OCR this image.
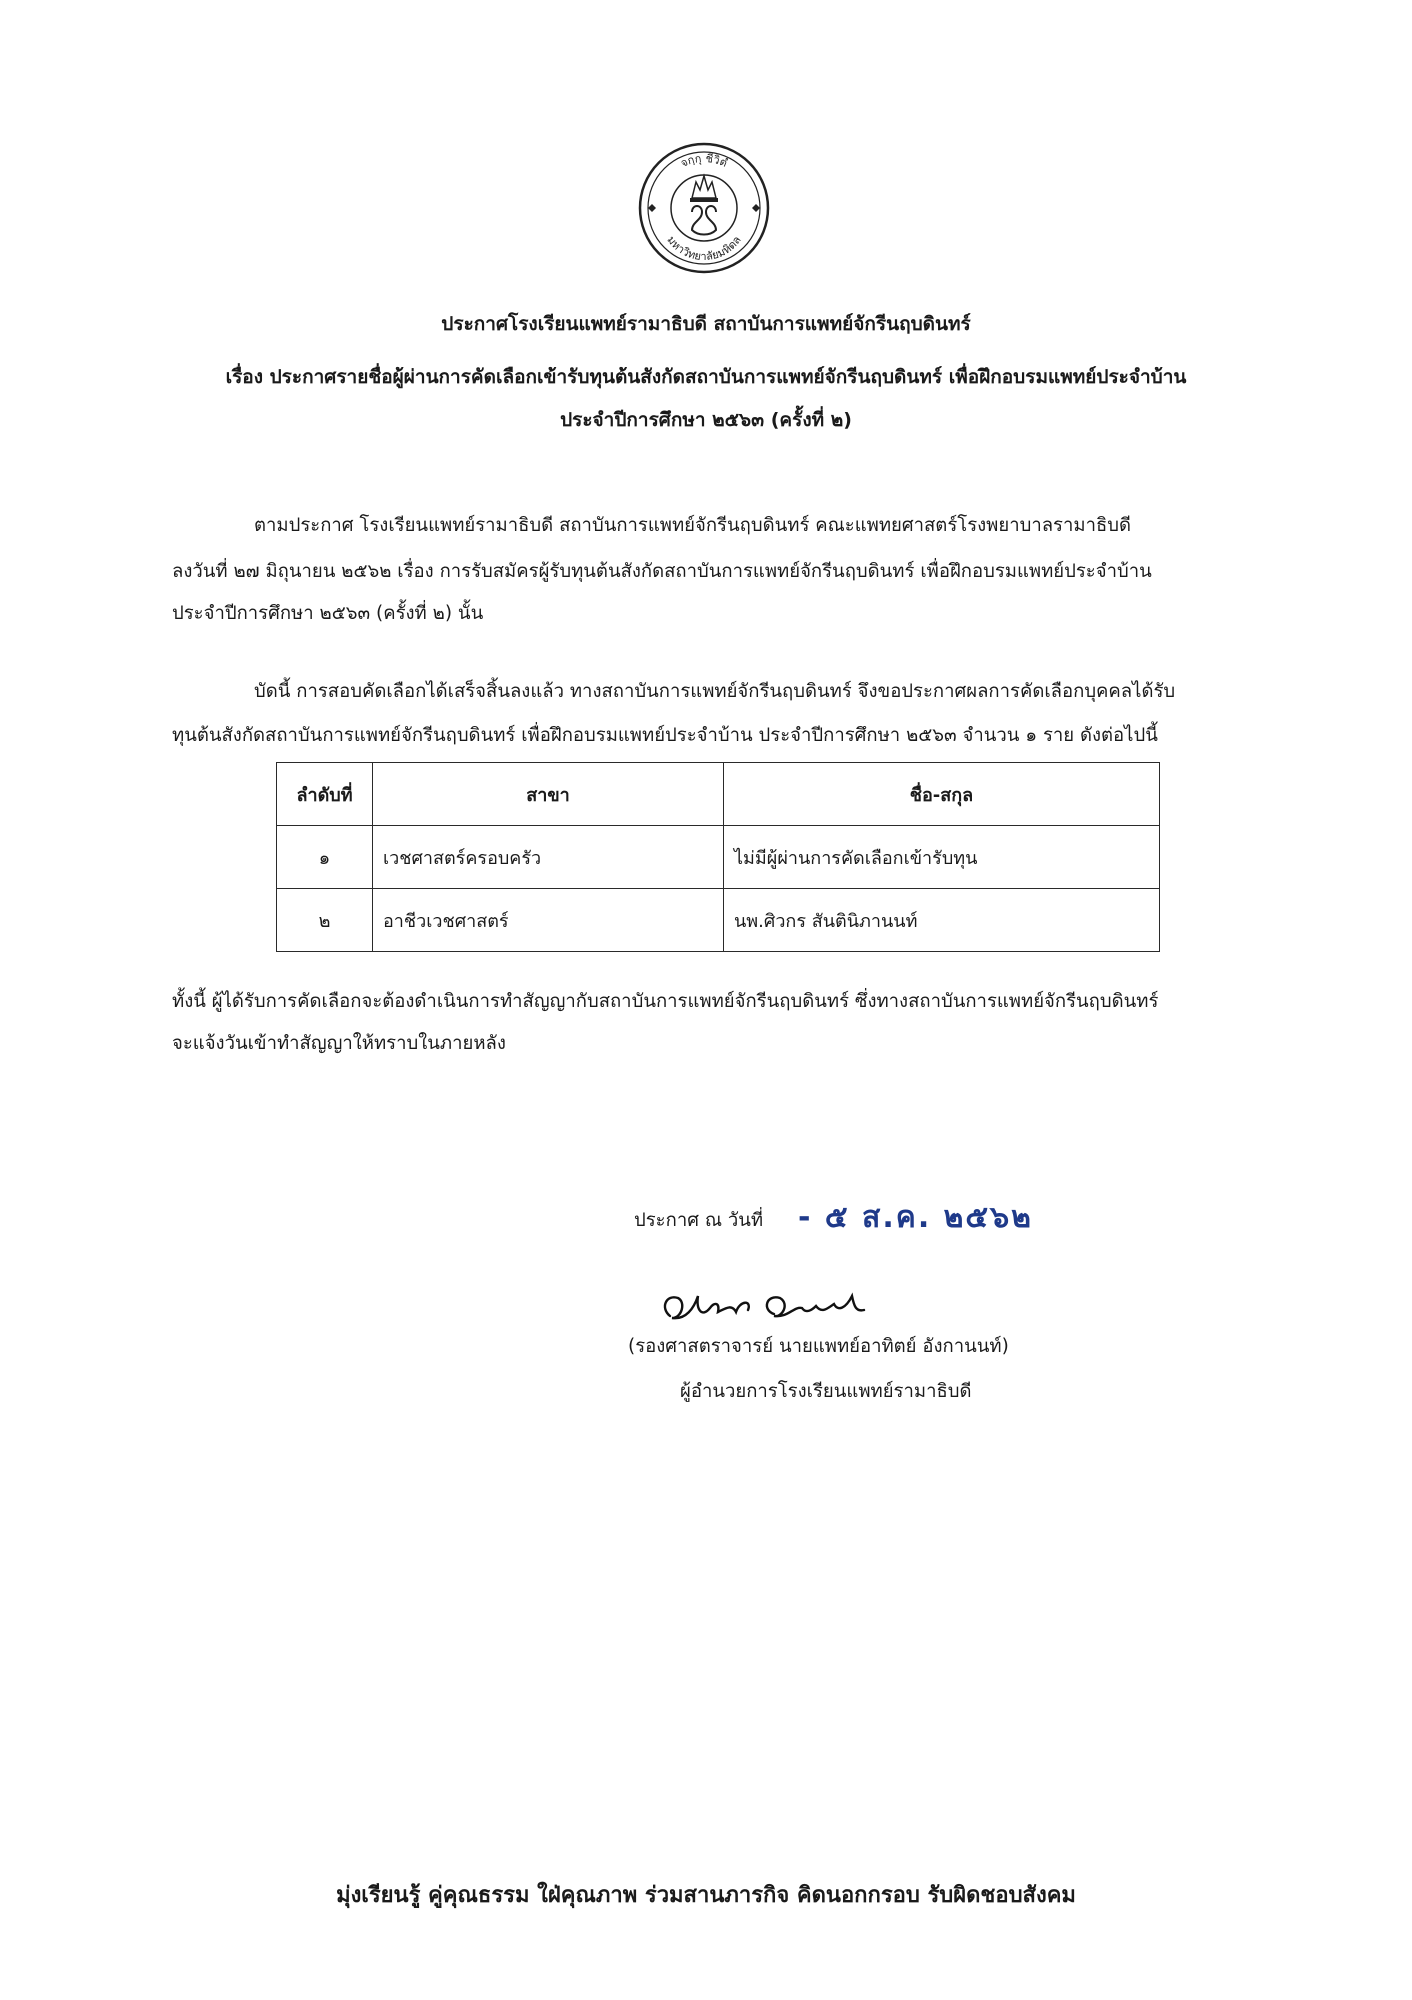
จกฺกุ ชีวิตํ
มหาวิทยาลัยมหิดล
ประกาศโรงเรียนแพทย์รามาธิบดี สถาบันการแพทย์จักรีนฤบดินทร์
เรื่อง ประกาศรายชื่อผู้ผ่านการคัดเลือกเข้ารับทุนต้นสังกัดสถาบันการแพทย์จักรีนฤบดินทร์ เพื่อฝึกอบรมแพทย์ประจำบ้าน
ประจำปีการศึกษา ๒๕๖๓ (ครั้งที่ ๒)
ตามประกาศ โรงเรียนแพทย์รามาธิบดี สถาบันการแพทย์จักรีนฤบดินทร์ คณะแพทยศาสตร์โรงพยาบาลรามาธิบดี
ลงวันที่ ๒๗ มิถุนายน ๒๕๖๒ เรื่อง การรับสมัครผู้รับทุนต้นสังกัดสถาบันการแพทย์จักรีนฤบดินทร์ เพื่อฝึกอบรมแพทย์ประจำบ้าน
ประจำปีการศึกษา ๒๕๖๓ (ครั้งที่ ๒) นั้น
บัดนี้ การสอบคัดเลือกได้เสร็จสิ้นลงแล้ว ทางสถาบันการแพทย์จักรีนฤบดินทร์ จึงขอประกาศผลการคัดเลือกบุคคลได้รับ
ทุนต้นสังกัดสถาบันการแพทย์จักรีนฤบดินทร์ เพื่อฝึกอบรมแพทย์ประจำบ้าน ประจำปีการศึกษา ๒๕๖๓ จำนวน ๑ ราย ดังต่อไปนี้
ลำดับที่	สาขา	ชื่อ-สกุล
๑	เวชศาสตร์ครอบครัว	ไม่มีผู้ผ่านการคัดเลือกเข้ารับทุน
๒	อาชีวเวชศาสตร์	นพ.ศิวกร สันตินิภานนท์
ทั้งนี้ ผู้ได้รับการคัดเลือกจะต้องดำเนินการทำสัญญากับสถาบันการแพทย์จักรีนฤบดินทร์ ซึ่งทางสถาบันการแพทย์จักรีนฤบดินทร์
จะแจ้งวันเข้าทำสัญญาให้ทราบในภายหลัง
ประกาศ ณ วันที่ - ๕ ส.ค. ๒๕๖๒
(รองศาสตราจารย์ นายแพทย์อาทิตย์ อังกานนท์)
ผู้อำนวยการโรงเรียนแพทย์รามาธิบดี
มุ่งเรียนรู้ คู่คุณธรรม ใฝ่คุณภาพ ร่วมสานภารกิจ คิดนอกกรอบ รับผิดชอบสังคม
